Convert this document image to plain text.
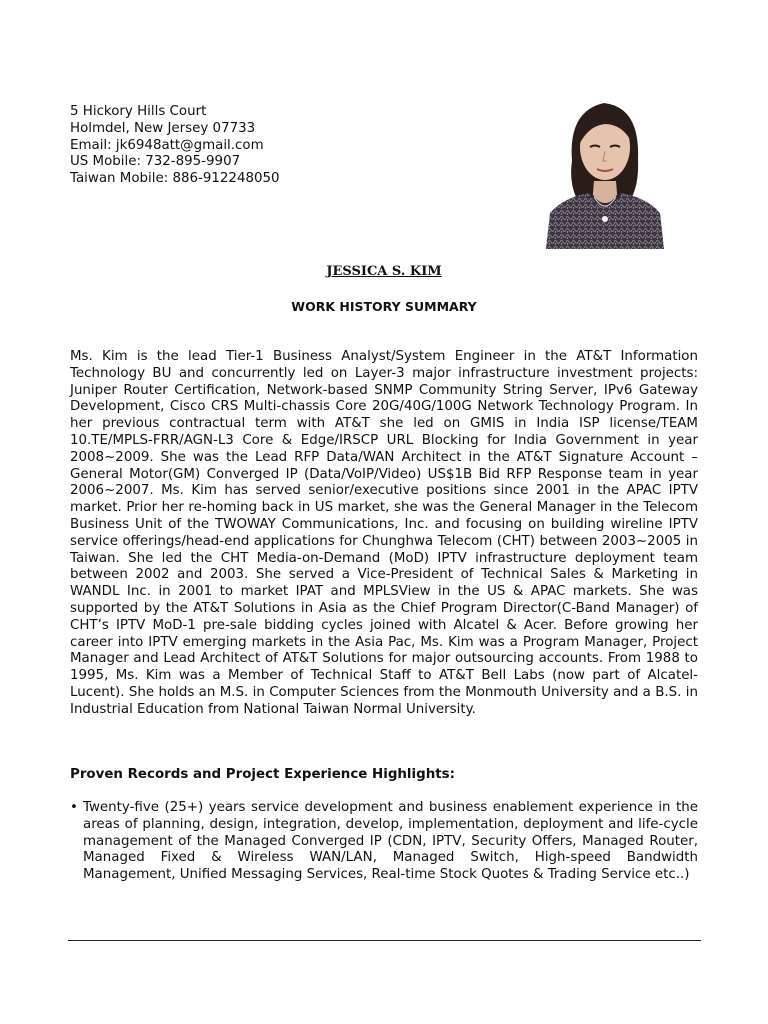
5 Hickory Hills Court
Holmdel, New Jersey 07733
Email: jk6948att@gmail.com
US Mobile: 732-895-9907
Taiwan Mobile: 886-912248050
JESSICA S. KIM
WORK HISTORY SUMMARY
Ms. Kim is the lead Tier-1 Business Analyst/System Engineer in the AT&T Information Technology BU and concurrently led on Layer-3 major infrastructure investment projects: Juniper Router Certification, Network-based SNMP Community String Server, IPv6 Gateway Development, Cisco CRS Multi-chassis Core 20G/40G/100G Network Technology Program. In her previous contractual term with AT&T she led on GMIS in India ISP license/TEAM 10.TE/MPLS-FRR/AGN-L3 Core & Edge/IRSCP URL Blocking for India Government in year 2008~2009. She was the Lead RFP Data/WAN Architect in the AT&T Signature Account – General Motor(GM) Converged IP (Data/VoIP/Video) US$1B Bid RFP Response team in year 2006~2007. Ms. Kim has served senior/executive positions since 2001 in the APAC IPTV market. Prior her re-homing back in US market, she was the General Manager in the Telecom Business Unit of the TWOWAY Communications, Inc. and focusing on building wireline IPTV service offerings/head-end applications for Chunghwa Telecom (CHT) between 2003~2005 in Taiwan. She led the CHT Media-on-Demand (MoD) IPTV infrastructure deployment team between 2002 and 2003. She served a Vice-President of Technical Sales & Marketing in WANDL Inc. in 2001 to market IPAT and MPLSView in the US & APAC markets. She was supported by the AT&T Solutions in Asia as the Chief Program Director(C-Band Manager) of CHT’s IPTV MoD-1 pre-sale bidding cycles joined with Alcatel & Acer. Before growing her career into IPTV emerging markets in the Asia Pac, Ms. Kim was a Program Manager, Project Manager and Lead Architect of AT&T Solutions for major outsourcing accounts. From 1988 to 1995, Ms. Kim was a Member of Technical Staff to AT&T Bell Labs (now part of Alcatel-Lucent). She holds an M.S. in Computer Sciences from the Monmouth University and a B.S. in Industrial Education from National Taiwan Normal University.
Proven Records and Project Experience Highlights:
• Twenty-five (25+) years service development and business enablement experience in the areas of planning, design, integration, develop, implementation, deployment and life-cycle management of the Managed Converged IP (CDN, IPTV, Security Offers, Managed Router, Managed Fixed & Wireless WAN/LAN, Managed Switch, High-speed Bandwidth Management, Unified Messaging Services, Real-time Stock Quotes & Trading Service etc..)
